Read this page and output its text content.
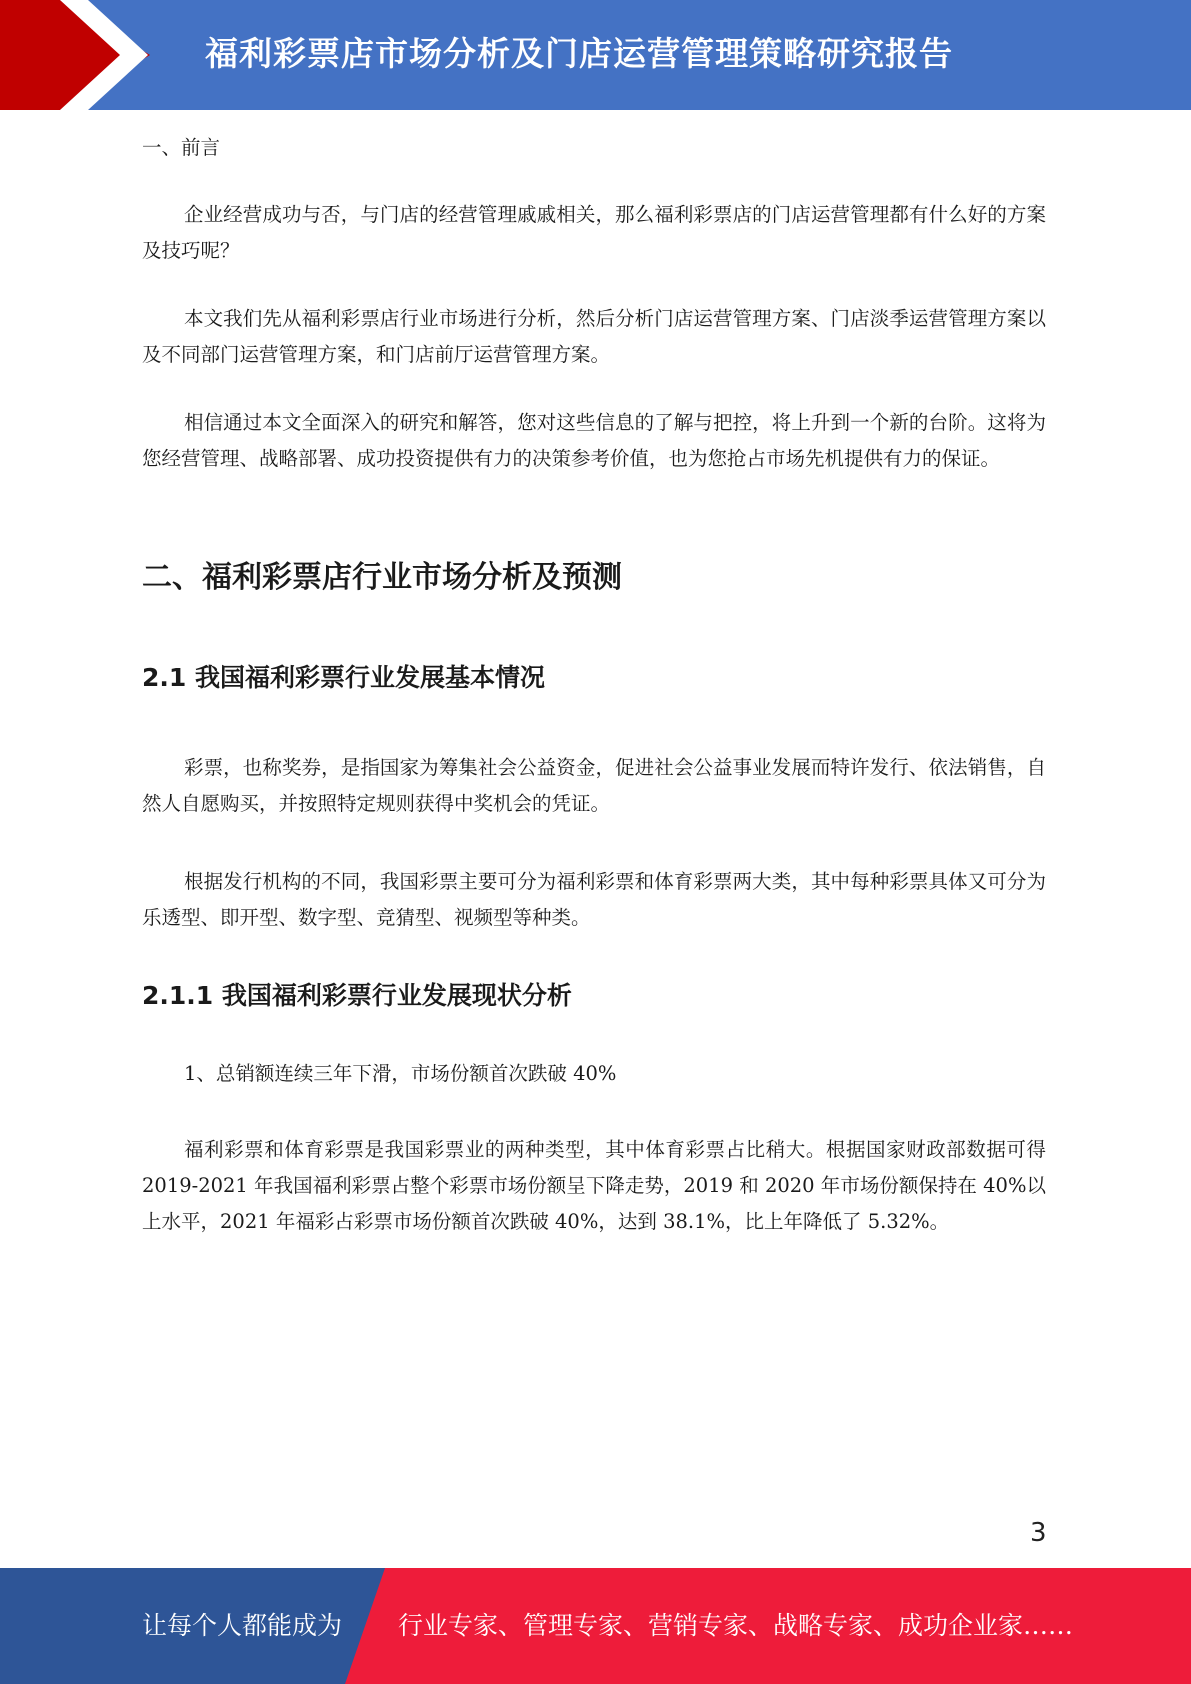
福利彩票店市场分析及门店运营管理策略研究报告

一、前言

企业经营成功与否，与门店的经营管理戚戚相关，那么福利彩票店的门店运营管理都有什么好的方案及技巧呢？

本文我们先从福利彩票店行业市场进行分析，然后分析门店运营管理方案、门店淡季运营管理方案以及不同部门运营管理方案，和门店前厅运营管理方案。

相信通过本文全面深入的研究和解答，您对这些信息的了解与把控，将上升到一个新的台阶。这将为您经营管理、战略部署、成功投资提供有力的决策参考价值，也为您抢占市场先机提供有力的保证。

二、福利彩票店行业市场分析及预测
2.1 我国福利彩票行业发展基本情况

彩票，也称奖券，是指国家为筹集社会公益资金，促进社会公益事业发展而特许发行、依法销售，自然人自愿购买，并按照特定规则获得中奖机会的凭证。

根据发行机构的不同，我国彩票主要可分为福利彩票和体育彩票两大类，其中每种彩票具体又可分为乐透型、即开型、数字型、竞猜型、视频型等种类。

2.1.1 我国福利彩票行业发展现状分析

1、总销额连续三年下滑，市场份额首次跌破 40%

福利彩票和体育彩票是我国彩票业的两种类型，其中体育彩票占比稍大。根据国家财政部数据可得 2019-2021 年我国福利彩票占整个彩票市场份额呈下降走势，2019 和 2020 年市场份额保持在 40%以上水平，2021 年福彩占彩票市场份额首次跌破 40%，达到 38.1%，比上年降低了 5.32%。

3
让每个人都能成为 行业专家、管理专家、营销专家、战略专家、成功企业家……
